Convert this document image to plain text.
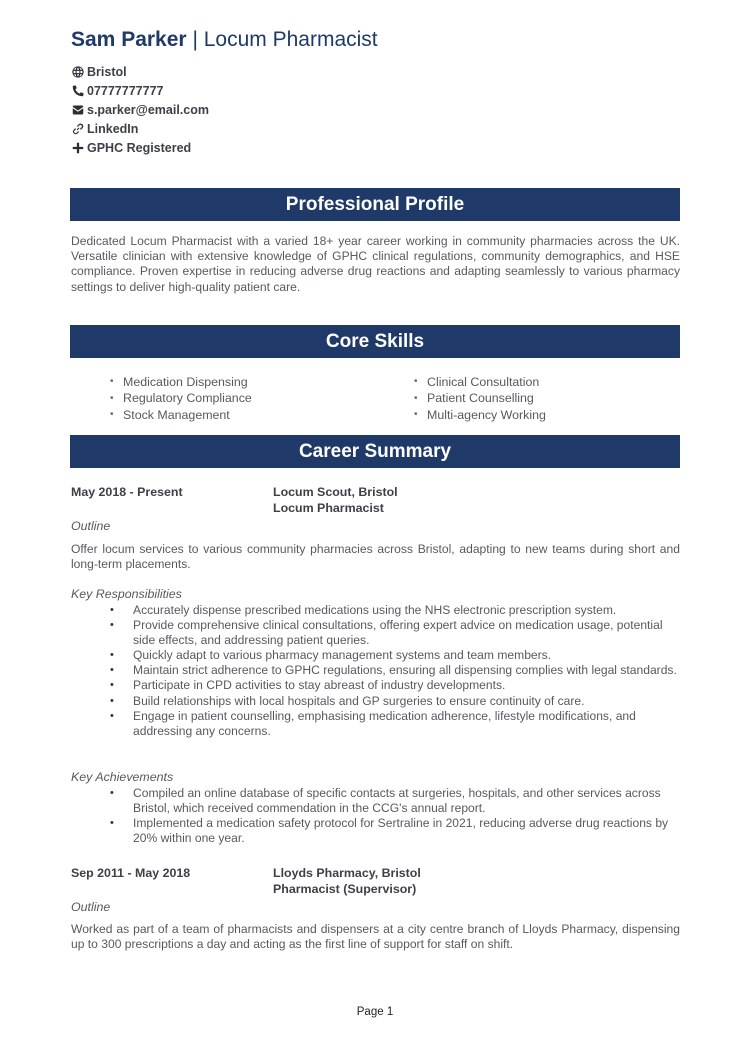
Sam Parker | Locum Pharmacist
Bristol
07777777777
s.parker@email.com
LinkedIn
GPHC Registered
Professional Profile

Dedicated Locum Pharmacist with a varied 18+ year career working in community pharmacies across the UK. Versatile clinician with extensive knowledge of GPHC clinical regulations, community demographics, and HSE compliance. Proven expertise in reducing adverse drug reactions and adapting seamlessly to various pharmacy settings to deliver high-quality patient care.

Core Skills
• Medication Dispensing	• Clinical Consultation
• Regulatory Compliance	• Patient Counselling
• Stock Management	• Multi-agency Working
Career Summary
May 2018 - Present	Locum Scout, Bristol
Locum Pharmacist
Outline

Offer locum services to various community pharmacies across Bristol, adapting to new teams during short and long-term placements.

Key Responsibilities
• Accurately dispense prescribed medications using the NHS electronic prescription system.
• Provide comprehensive clinical consultations, offering expert advice on medication usage, potential side effects, and addressing patient queries.
• Quickly adapt to various pharmacy management systems and team members.
• Maintain strict adherence to GPHC regulations, ensuring all dispensing complies with legal standards.
• Participate in CPD activities to stay abreast of industry developments.
• Build relationships with local hospitals and GP surgeries to ensure continuity of care.
• Engage in patient counselling, emphasising medication adherence, lifestyle modifications, and addressing any concerns.
Key Achievements
• Compiled an online database of specific contacts at surgeries, hospitals, and other services across Bristol, which received commendation in the CCG's annual report.
• Implemented a medication safety protocol for Sertraline in 2021, reducing adverse drug reactions by 20% within one year.
Sep 2011 - May 2018	Lloyds Pharmacy, Bristol
Pharmacist (Supervisor)
Outline

Worked as part of a team of pharmacists and dispensers at a city centre branch of Lloyds Pharmacy, dispensing up to 300 prescriptions a day and acting as the first line of support for staff on shift.

Page 1
